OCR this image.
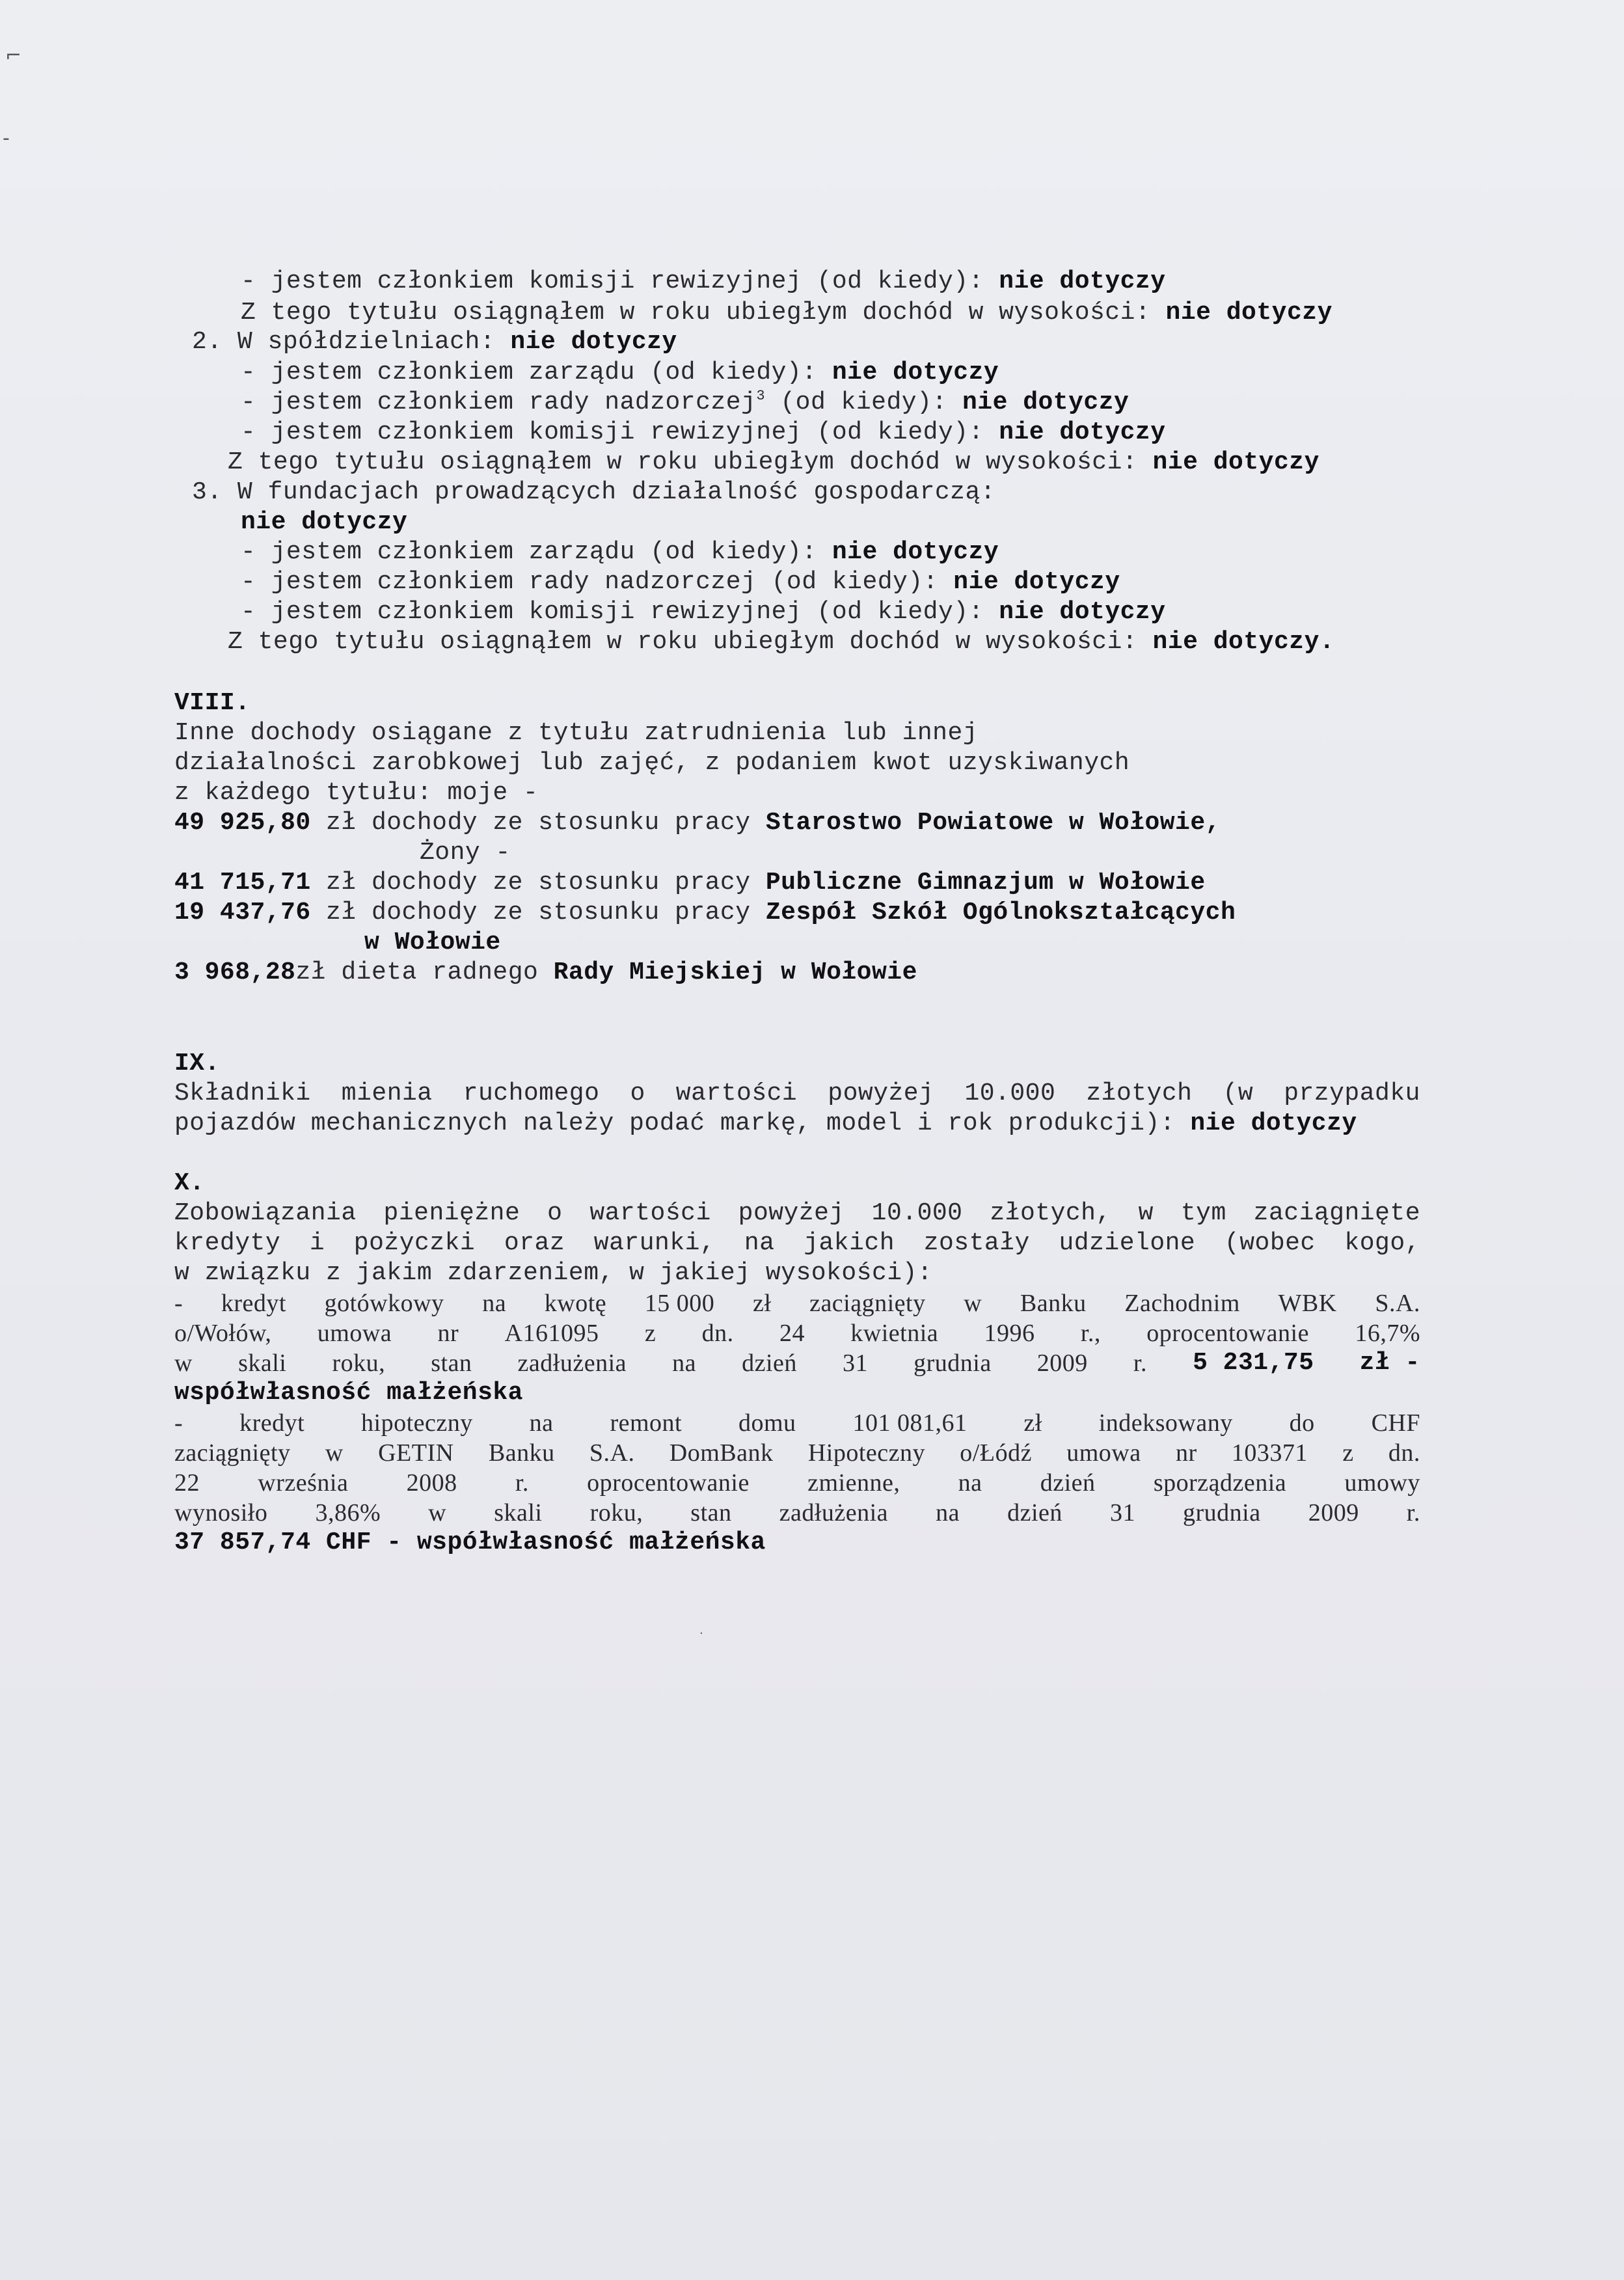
⌐
-
- jestem członkiem komisji rewizyjnej (od kiedy): nie dotyczy
Z tego tytułu osiągnąłem w roku ubiegłym dochód w wysokości: nie dotyczy
2. W spółdzielniach: nie dotyczy
- jestem członkiem zarządu (od kiedy): nie dotyczy
- jestem członkiem rady nadzorczej$^3$ (od kiedy): nie dotyczy
- jestem członkiem komisji rewizyjnej (od kiedy): nie dotyczy
Z tego tytułu osiągnąłem w roku ubiegłym dochód w wysokości: nie dotyczy
3. W fundacjach prowadzących działalność gospodarczą:
nie dotyczy
- jestem członkiem zarządu (od kiedy): nie dotyczy
- jestem członkiem rady nadzorczej (od kiedy): nie dotyczy
- jestem członkiem komisji rewizyjnej (od kiedy): nie dotyczy
Z tego tytułu osiągnąłem w roku ubiegłym dochód w wysokości: nie dotyczy.
VIII.
Inne dochody osiągane z tytułu zatrudnienia lub innej
działalności zarobkowej lub zajęć, z podaniem kwot uzyskiwanych
z każdego tytułu: moje -
49 925,80 zł dochody ze stosunku pracy Starostwo Powiatowe w Wołowie,
Żony -
41 715,71 zł dochody ze stosunku pracy Publiczne Gimnazjum w Wołowie
19 437,76 zł dochody ze stosunku pracy Zespół Szkół Ogólnokształcących
w Wołowie
3 968,28zł dieta radnego Rady Miejskiej w Wołowie
IX.
Składniki mienia ruchomego o wartości powyżej 10.000 złotych (w przypadku
pojazdów mechanicznych należy podać markę, model i rok produkcji): nie dotyczy
X.
Zobowiązania pieniężne o wartości powyżej 10.000 złotych, w tym zaciągnięte
kredyty i pożyczki oraz warunki, na jakich zostały udzielone (wobec kogo,
w związku z jakim zdarzeniem, w jakiej wysokości):
- kredyt gotówkowy na kwotę 15 000 zł zaciągnięty w Banku Zachodnim WBK S.A.
o/Wołów, umowa nr A161095 z dn. 24 kwietnia 1996 r., oprocentowanie 16,7%
w skali roku, stan zadłużenia na dzień 31 grudnia 2009 r. 5 231,75 zł -
współwłasność małżeńska
- kredyt hipoteczny na remont domu 101 081,61 zł indeksowany do CHF
zaciągnięty w GETIN Banku S.A. DomBank Hipoteczny o/Łódź umowa nr 103371 z dn.
22 września 2008 r. oprocentowanie zmienne, na dzień sporządzenia umowy
wynosiło 3,86% w skali roku, stan zadłużenia na dzień 31 grudnia 2009 r.
37 857,74 CHF - współwłasność małżeńska
·
